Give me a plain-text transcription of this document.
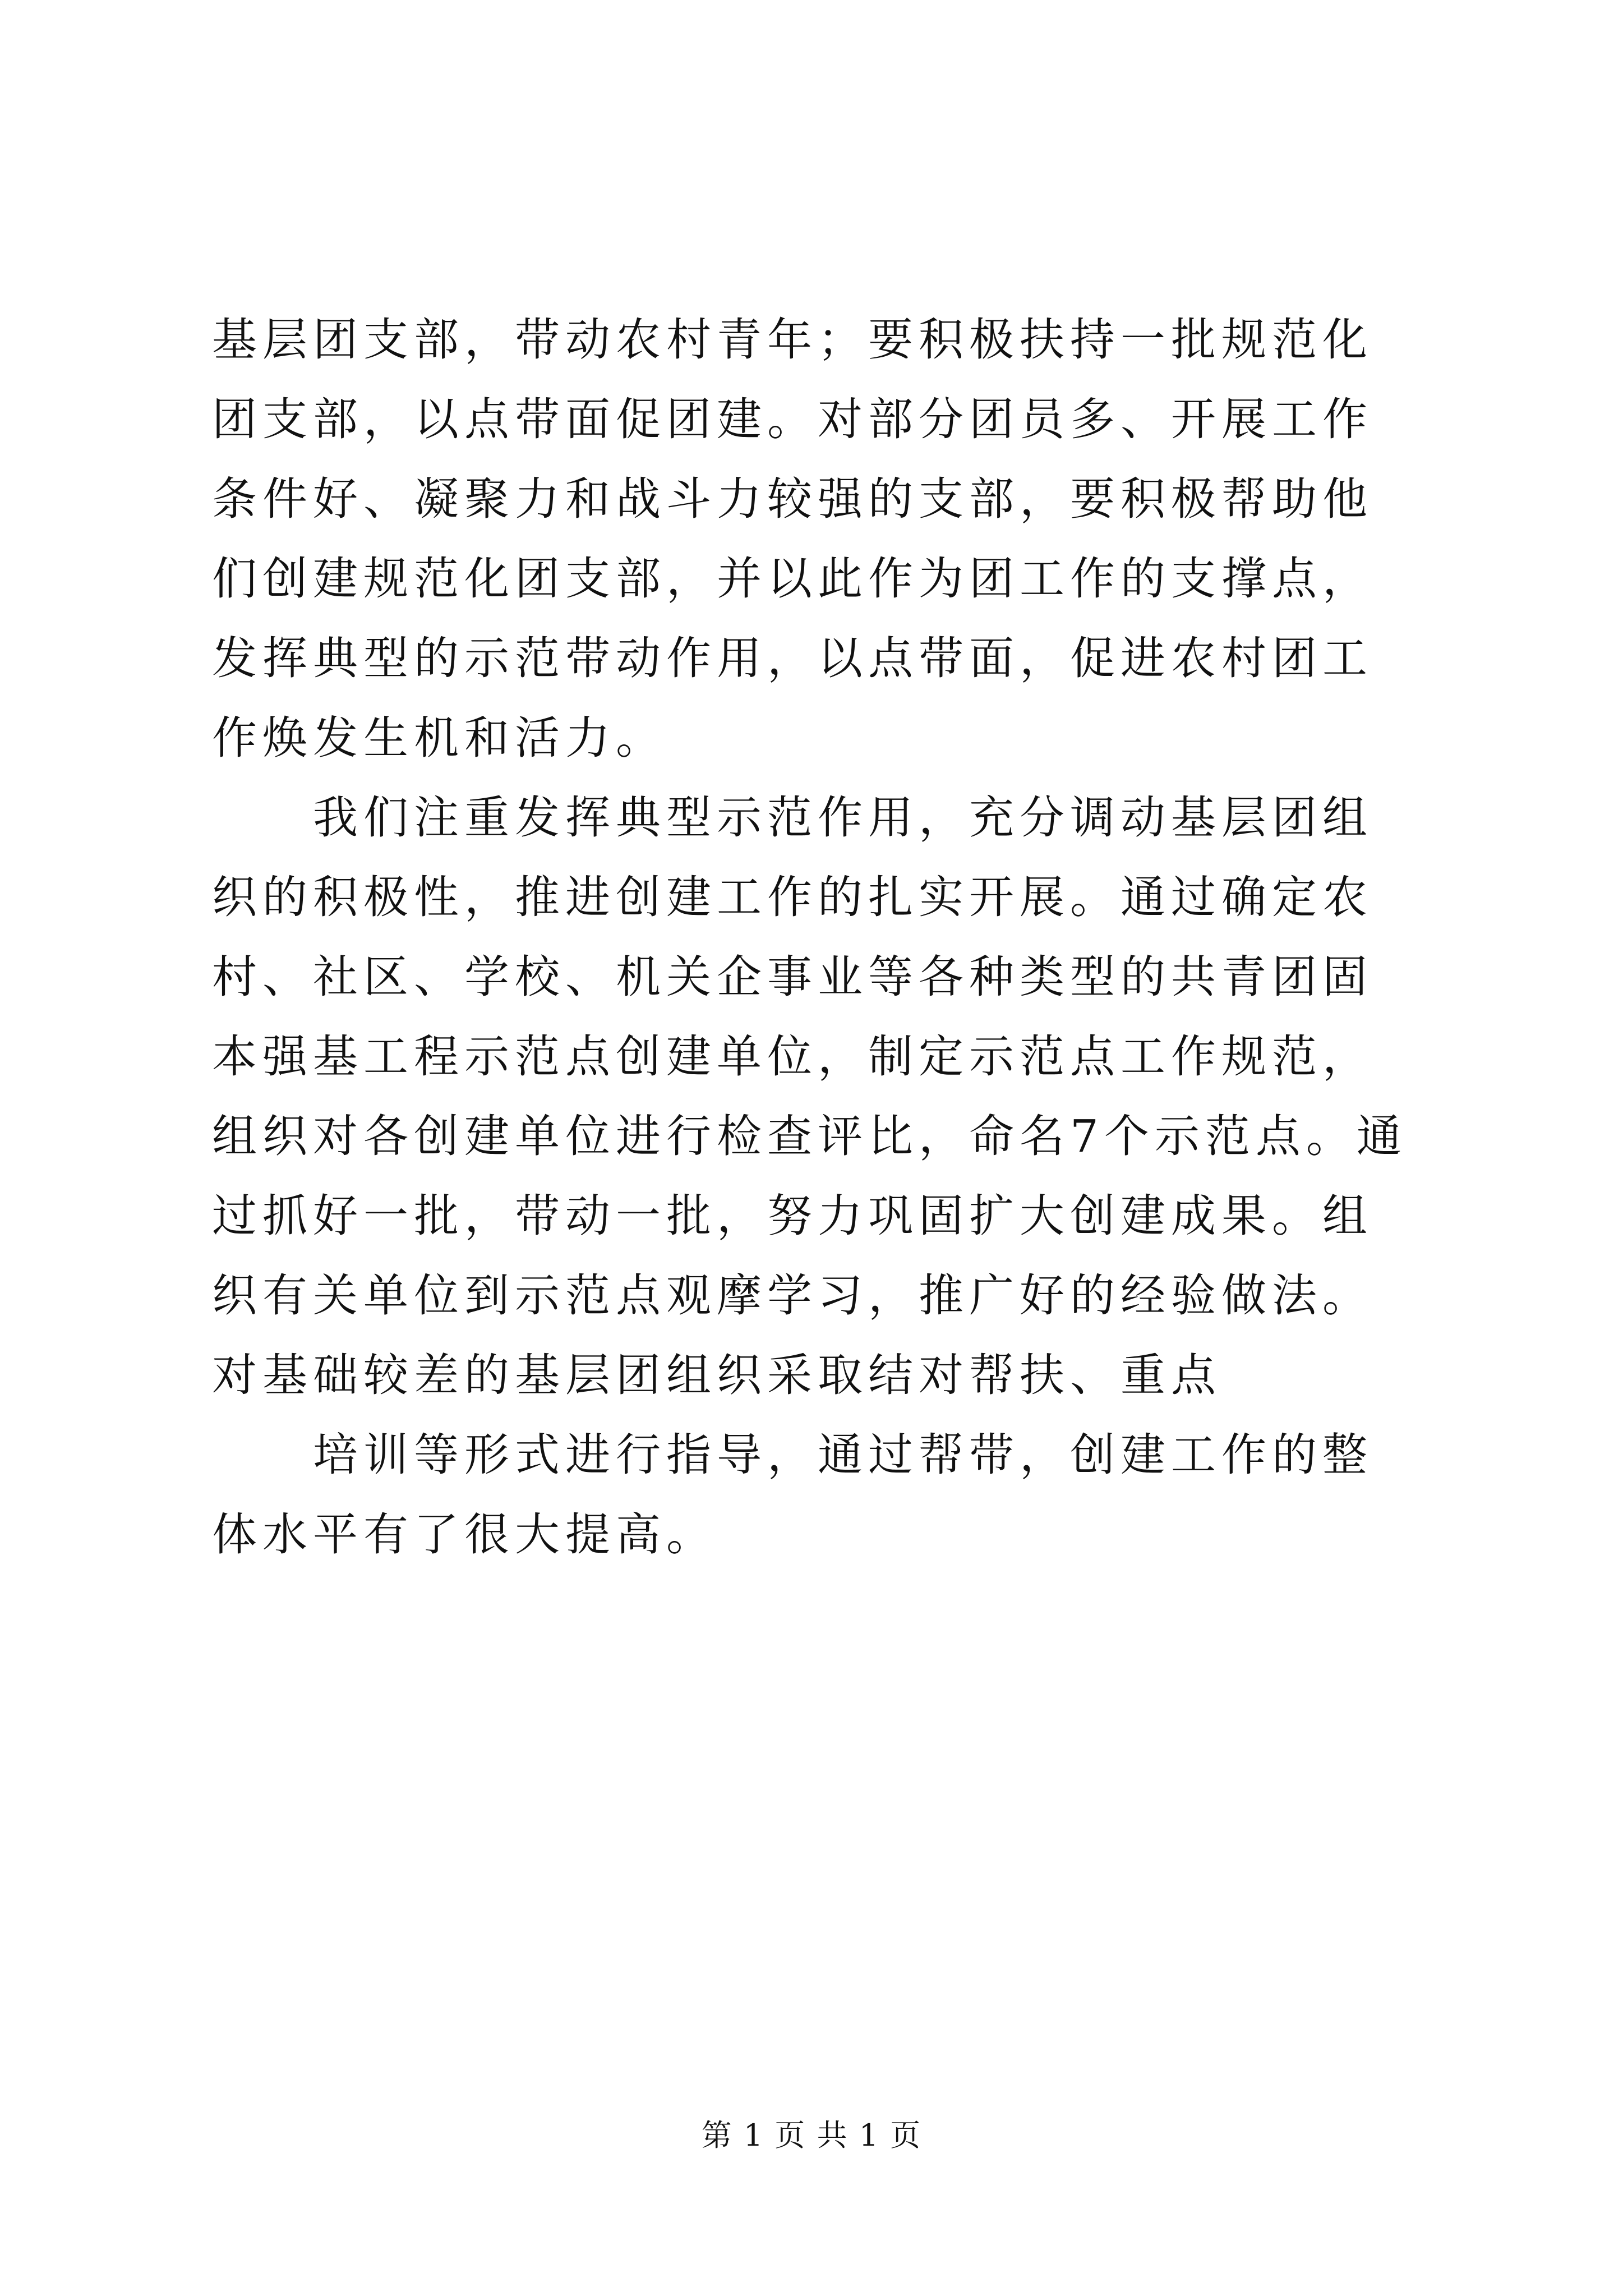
基层团支部，带动农村青年；要积极扶持一批规范化团支部，以点带面促团建。对部分团员多、开展工作条件好、凝聚力和战斗力较强的支部，要积极帮助他们创建规范化团支部，并以此作为团工作的支撑点，发挥典型的示范带动作用，以点带面，促进农村团工作焕发生机和活力。

我们注重发挥典型示范作用，充分调动基层团组织的积极性，推进创建工作的扎实开展。通过确定农村、社区、学校、机关企事业等各种类型的共青团固本强基工程示范点创建单位，制定示范点工作规范，组织对各创建单位进行检查评比，命名7个示范点。通过抓好一批，带动一批，努力巩固扩大创建成果。组织有关单位到示范点观摩学习，推广好的经验做法。对基础较差的基层团组织采取结对帮扶、重点

培训等形式进行指导，通过帮带，创建工作的整体水平有了很大提高。

第 1 页 共 1 页
